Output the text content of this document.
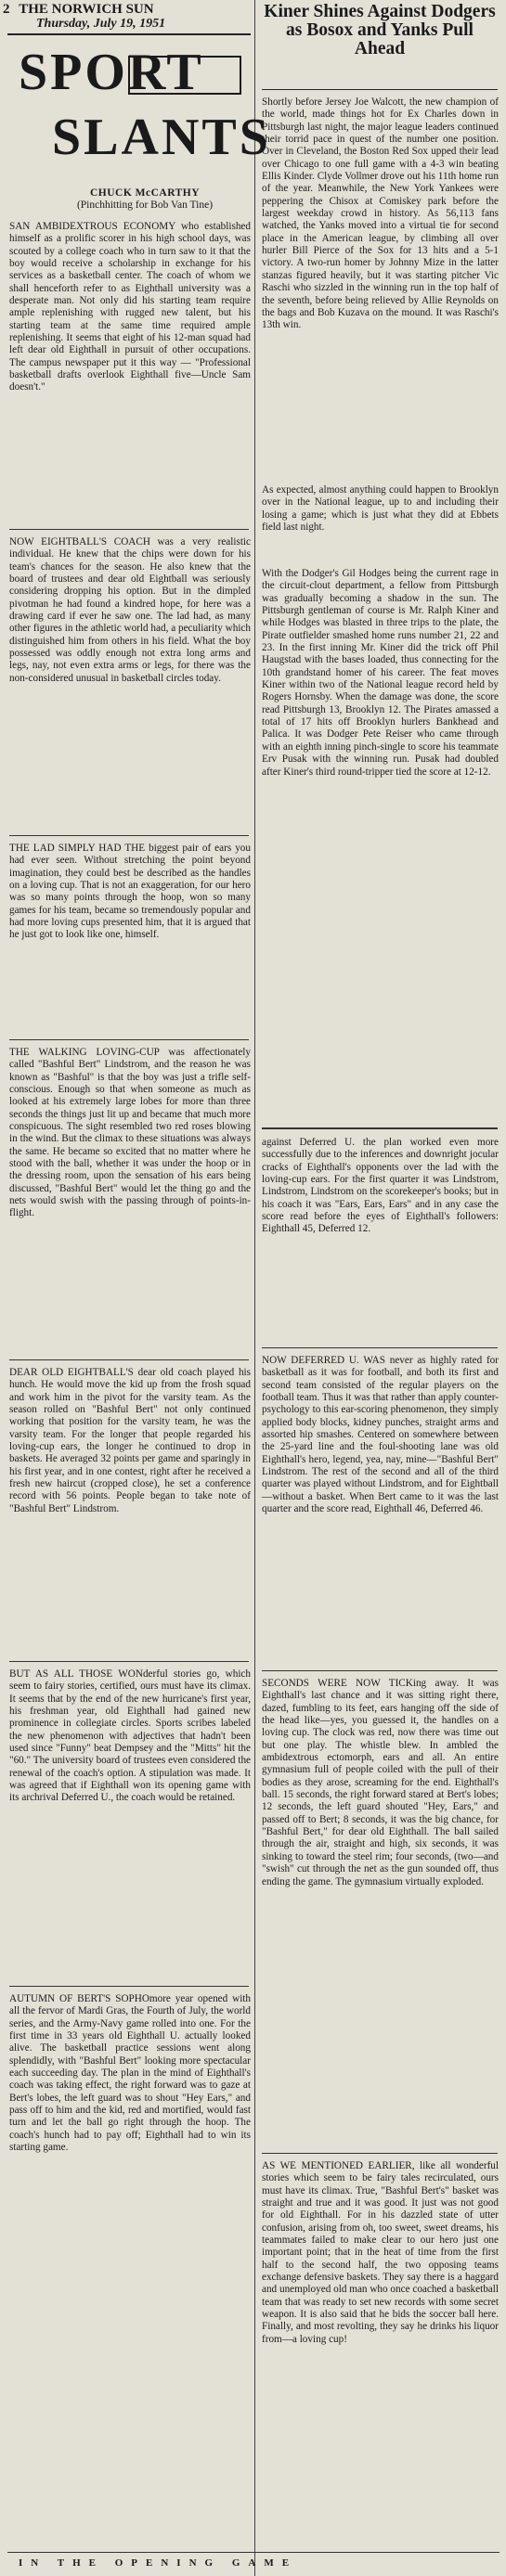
2 THE NORWICH SUN
Thursday, July 19, 1951
SPORT
SLANTS
CHUCK McCARTHY
(Pinchhitting for Bob Van Tine)
SAN AMBIDEXTROUS ECONOMY who established himself as a prolific scorer in his high school days, was scouted by a college coach who in turn saw to it that the boy would receive a scholarship in exchange for his services as a basketball center. The coach of whom we shall henceforth refer to as Eighthall university was a desperate man. Not only did his starting team require ample replenishing with rugged new talent, but his starting team at the same time required ample replenishing. It seems that eight of his 12-man squad had left dear old Eighthall in pursuit of other occupations. The campus newspaper put it this way — "Professional basketball drafts overlook Eighthall five—Uncle Sam doesn't."
NOW EIGHTBALL'S COACH was a very realistic individual. He knew that the chips were down for his team's chances for the season. He also knew that the board of trustees and dear old Eightball was seriously considering dropping his option. But in the dimpled pivotman he had found a kindred hope, for here was a drawing card if ever he saw one. The lad had, as many other figures in the athletic world had, a peculiarity which distinguished him from others in his field. What the boy possessed was oddly enough not extra long arms and legs, nay, not even extra arms or legs, for there was the non-considered unusual in basketball circles today.
THE LAD SIMPLY HAD THE biggest pair of ears you had ever seen. Without stretching the point beyond imagination, they could best be described as the handles on a loving cup. That is not an exaggeration, for our hero was so many points through the hoop, won so many games for his team, became so tremendously popular and had more loving cups presented him, that it is argued that he just got to look like one, himself.
THE WALKING LOVING-CUP was affectionately called "Bashful Bert" Lindstrom, and the reason he was known as "Bashful" is that the boy was just a trifle self-conscious. Enough so that when someone as much as looked at his extremely large lobes for more than three seconds the things just lit up and became that much more conspicuous. The sight resembled two red roses blowing in the wind. But the climax to these situations was always the same. He became so excited that no matter where he stood with the ball, whether it was under the hoop or in the dressing room, upon the sensation of his ears being discussed, "Bashful Bert" would let the thing go and the nets would swish with the passing through of points-in-flight.
DEAR OLD EIGHTBALL'S dear old coach played his hunch. He would move the kid up from the frosh squad and work him in the pivot for the varsity team. As the season rolled on "Bashful Bert" not only continued working that position for the varsity team, he was the varsity team. For the longer that people regarded his loving-cup ears, the longer he continued to drop in baskets. He averaged 32 points per game and sparingly in his first year, and in one contest, right after he received a fresh new haircut (cropped close), he set a conference record with 56 points. People began to take note of "Bashful Bert" Lindstrom.
BUT AS ALL THOSE WONderful stories go, which seem to fairy stories, certified, ours must have its climax. It seems that by the end of the new hurricane's first year, his freshman year, old Eighthall had gained new prominence in collegiate circles. Sports scribes labeled the new phenomenon with adjectives that hadn't been used since "Funny" beat Dempsey and the "Mitts" hit the "60." The university board of trustees even considered the renewal of the coach's option. A stipulation was made. It was agreed that if Eighthall won its opening game with its archrival Deferred U., the coach would be retained.
AUTUMN OF BERT'S SOPHOmore year opened with all the fervor of Mardi Gras, the Fourth of July, the world series, and the Army-Navy game rolled into one. For the first time in 33 years old Eighthall U. actually looked alive. The basketball practice sessions went along splendidly, with "Bashful Bert" looking more spectacular each succeeding day. The plan in the mind of Eighthall's coach was taking effect, the right forward was to gaze at Bert's lobes, the left guard was to shout "Hey Ears," and pass off to him and the kid, red and mortified, would fast turn and let the ball go right through the hoop. The coach's hunch had to pay off; Eighthall had to win its starting game.
Kiner Shines Against Dodgers as Bosox and Yanks Pull Ahead
Shortly before Jersey Joe Walcott, the new champion of the world, made things hot for Ex Charles down in Pittsburgh last night, the major league leaders continued their torrid pace in quest of the number one position. Over in Cleveland, the Boston Red Sox upped their lead over Chicago to one full game with a 4-3 win beating Ellis Kinder. Clyde Vollmer drove out his 11th home run of the year. Meanwhile, the New York Yankees were peppering the Chisox at Comiskey park before the largest weekday crowd in history. As 56,113 fans watched, the Yanks moved into a virtual tie for second place in the American league, by climbing all over hurler Bill Pierce of the Sox for 13 hits and a 5-1 victory. A two-run homer by Johnny Mize in the latter stanzas figured heavily, but it was starting pitcher Vic Raschi who sizzled in the winning run in the top half of the seventh, before being relieved by Allie Reynolds on the bags and Bob Kuzava on the mound. It was Raschi's 13th win.
As expected, almost anything could happen to Brooklyn over in the National league, up to and including their losing a game; which is just what they did at Ebbets field last night.
With the Dodger's Gil Hodges being the current rage in the circuit-clout department, a fellow from Pittsburgh was gradually becoming a shadow in the sun. The Pittsburgh gentleman of course is Mr. Ralph Kiner and while Hodges was blasted in three trips to the plate, the Pirate outfielder smashed home runs number 21, 22 and 23. In the first inning Mr. Kiner did the trick off Phil Haugstad with the bases loaded, thus connecting for the 10th grandstand homer of his career. The feat moves Kiner within two of the National league record held by Rogers Hornsby. When the damage was done, the score read Pittsburgh 13, Brooklyn 12. The Pirates amassed a total of 17 hits off Brooklyn hurlers Bankhead and Palica. It was Dodger Pete Reiser who came through with an eighth inning pinch-single to score his teammate Erv Pusak with the winning run. Pusak had doubled after Kiner's third round-tripper tied the score at 12-12.
against Deferred U. the plan worked even more successfully due to the inferences and downright jocular cracks of Eighthall's opponents over the lad with the loving-cup ears. For the first quarter it was Lindstrom, Lindstrom, Lindstrom on the scorekeeper's books; but in his coach it was "Ears, Ears, Ears" and in any case the score read before the eyes of Eighthall's followers: Eighthall 45, Deferred 12.
NOW DEFERRED U. WAS never as highly rated for basketball as it was for football, and both its first and second team consisted of the regular players on the football team. Thus it was that rather than apply counter-psychology to this ear-scoring phenomenon, they simply applied body blocks, kidney punches, straight arms and assorted hip smashes. Centered on somewhere between the 25-yard line and the foul-shooting lane was old Eighthall's hero, legend, yea, nay, mine—"Bashful Bert" Lindstrom. The rest of the second and all of the third quarter was played without Lindstrom, and for Eightball—without a basket. When Bert came to it was the last quarter and the score read, Eighthall 46, Deferred 46.
SECONDS WERE NOW TICKing away. It was Eighthall's last chance and it was sitting right there, dazed, fumbling to its feet, ears hanging off the side of the head like—yes, you guessed it, the handles on a loving cup. The clock was red, now there was time out but one play. The whistle blew. In ambled the ambidextrous ectomorph, ears and all. An entire gymnasium full of people coiled with the pull of their bodies as they arose, screaming for the end. Eighthall's ball. 15 seconds, the right forward stared at Bert's lobes; 12 seconds, the left guard shouted "Hey, Ears," and passed off to Bert; 8 seconds, it was the big chance, for "Bashful Bert," for dear old Eighthall. The ball sailed through the air, straight and high, six seconds, it was sinking to toward the steel rim; four seconds, (two—and "swish" cut through the net as the gun sounded off, thus ending the game. The gymnasium virtually exploded.
AS WE MENTIONED EARLIER, like all wonderful stories which seem to be fairy tales recirculated, ours must have its climax. True, "Bashful Bert's" basket was straight and true and it was good. It just was not good for old Eighthall. For in his dazzled state of utter confusion, arising from oh, too sweet, sweet dreams, his teammates failed to make clear to our hero just one important point; that in the heat of time from the first half to the second half, the two opposing teams exchange defensive baskets. They say there is a haggard and unemployed old man who once coached a basketball team that was ready to set new records with some secret weapon. It is also said that he bids the soccer ball here. Finally, and most revolting, they say he drinks his liquor from—a loving cup!
IN THE OPENING GAME
